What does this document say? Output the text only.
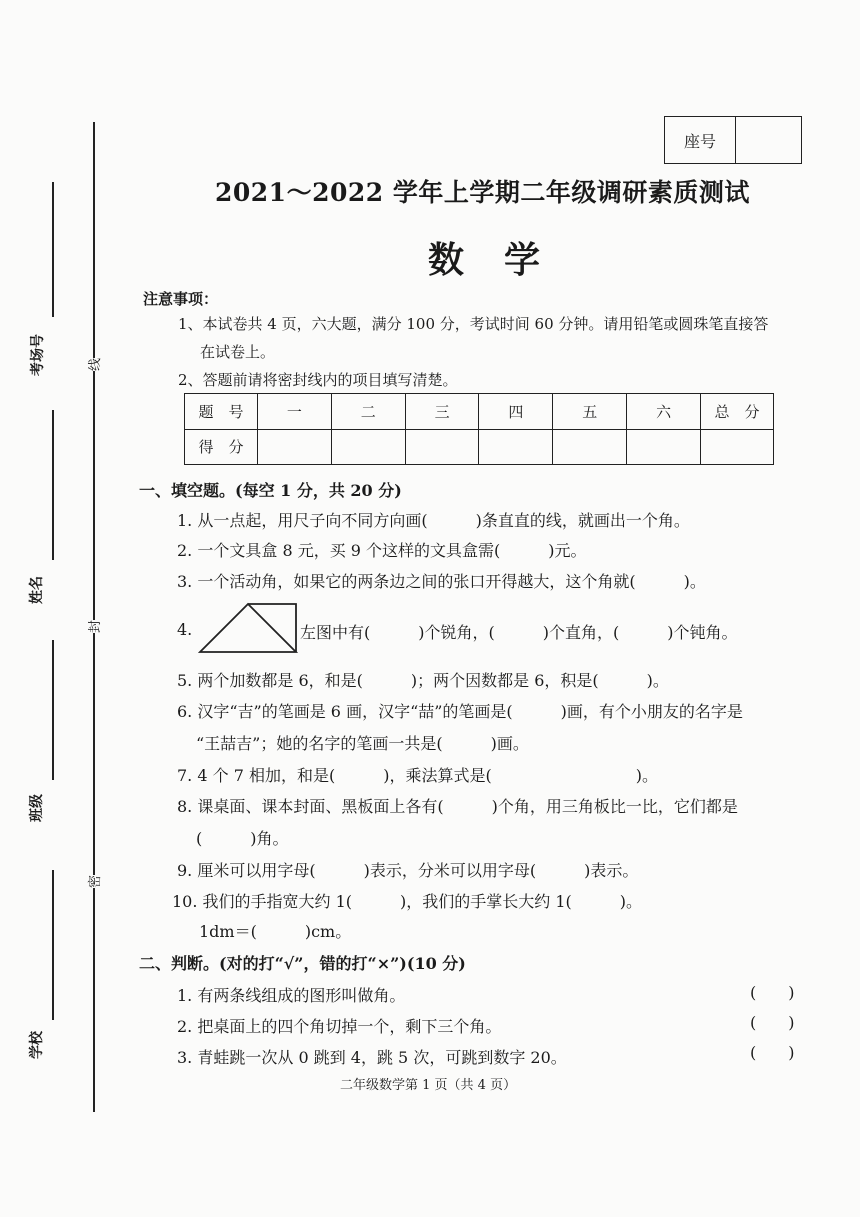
考场号
姓名
班级
学校
线
封
密
座号
2021～2022 学年上学期二年级调研素质测试
数学
注意事项：
1、本试卷共 4 页，六大题，满分 100 分，考试时间 60 分钟。请用铅笔或圆珠笔直接答
在试卷上。
2、答题前请将密封线内的项目填写清楚。
题　号	一	二	三	四	五	六	总　分
得　分							
一、填空题。(每空 1 分，共 20 分)
1. 从一点起，用尺子向不同方向画(　　　)条直直的线，就画出一个角。
2. 一个文具盒 8 元，买 9 个这样的文具盒需(　　　)元。
3. 一个活动角，如果它的两条边之间的张口开得越大，这个角就(　　　)。
4.	左图中有(　　　)个锐角，(　　　)个直角，(　　　)个钝角。
5. 两个加数都是 6，和是(　　　)；两个因数都是 6，积是(　　　)。
6. 汉字“吉”的笔画是 6 画，汉字“喆”的笔画是(　　　)画，有个小朋友的名字是
“王喆吉”；她的名字的笔画一共是(　　　)画。
7. 4 个 7 相加，和是(　　　)，乘法算式是(　　　　　　　　　)。
8. 课桌面、课本封面、黑板面上各有(　　　)个角，用三角板比一比，它们都是
(　　　)角。
9. 厘米可以用字母(　　　)表示，分米可以用字母(　　　)表示。
10. 我们的手指宽大约 1(　　　)，我们的手掌长大约 1(　　　)。
1dm＝(　　　)cm。
二、判断。(对的打“√”，错的打“×”)(10 分)
1. 有两条线组成的图形叫做角。	(　　)
2. 把桌面上的四个角切掉一个，剩下三个角。	(　　)
3. 青蛙跳一次从 0 跳到 4，跳 5 次，可跳到数字 20。	(　　)
二年级数学第 1 页（共 4 页）
